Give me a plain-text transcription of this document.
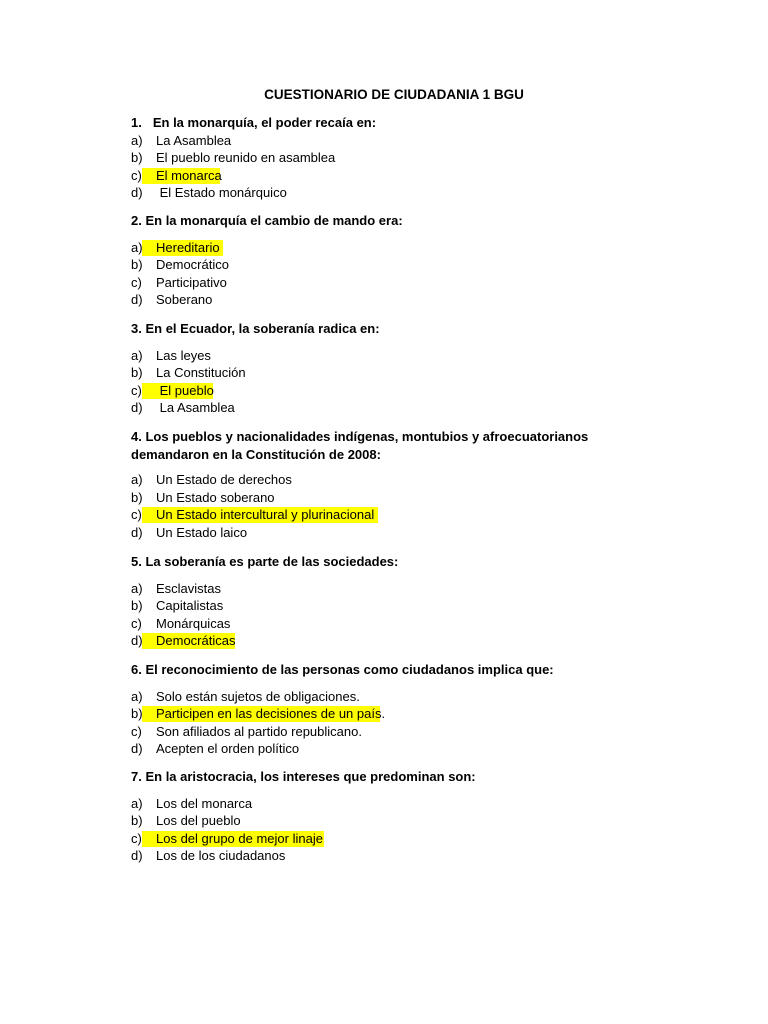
CUESTIONARIO DE CIUDADANIA 1 BGU

1. En la monarquía, el poder recaía en:

a) La Asamblea
b) El pueblo reunido en asamblea
c) El monarca
d) El Estado monárquico

2. En la monarquía el cambio de mando era:

a) Hereditario
b) Democrático
c) Participativo
d) Soberano

3. En el Ecuador, la soberanía radica en:

a) Las leyes
b) La Constitución
c) El pueblo
d) La Asamblea

4. Los pueblos y nacionalidades indígenas, montubios y afroecuatorianos demandaron en la Constitución de 2008:

a) Un Estado de derechos
b) Un Estado soberano
c) Un Estado intercultural y plurinacional
d) Un Estado laico

5. La soberanía es parte de las sociedades:

a) Esclavistas
b) Capitalistas
c) Monárquicas
d) Democráticas

6. El reconocimiento de las personas como ciudadanos implica que:

a) Solo están sujetos de obligaciones.
b) Participen en las decisiones de un país.
c) Son afiliados al partido republicano.
d) Acepten el orden político

7. En la aristocracia, los intereses que predominan son:

a) Los del monarca
b) Los del pueblo
c) Los del grupo de mejor linaje
d) Los de los ciudadanos
